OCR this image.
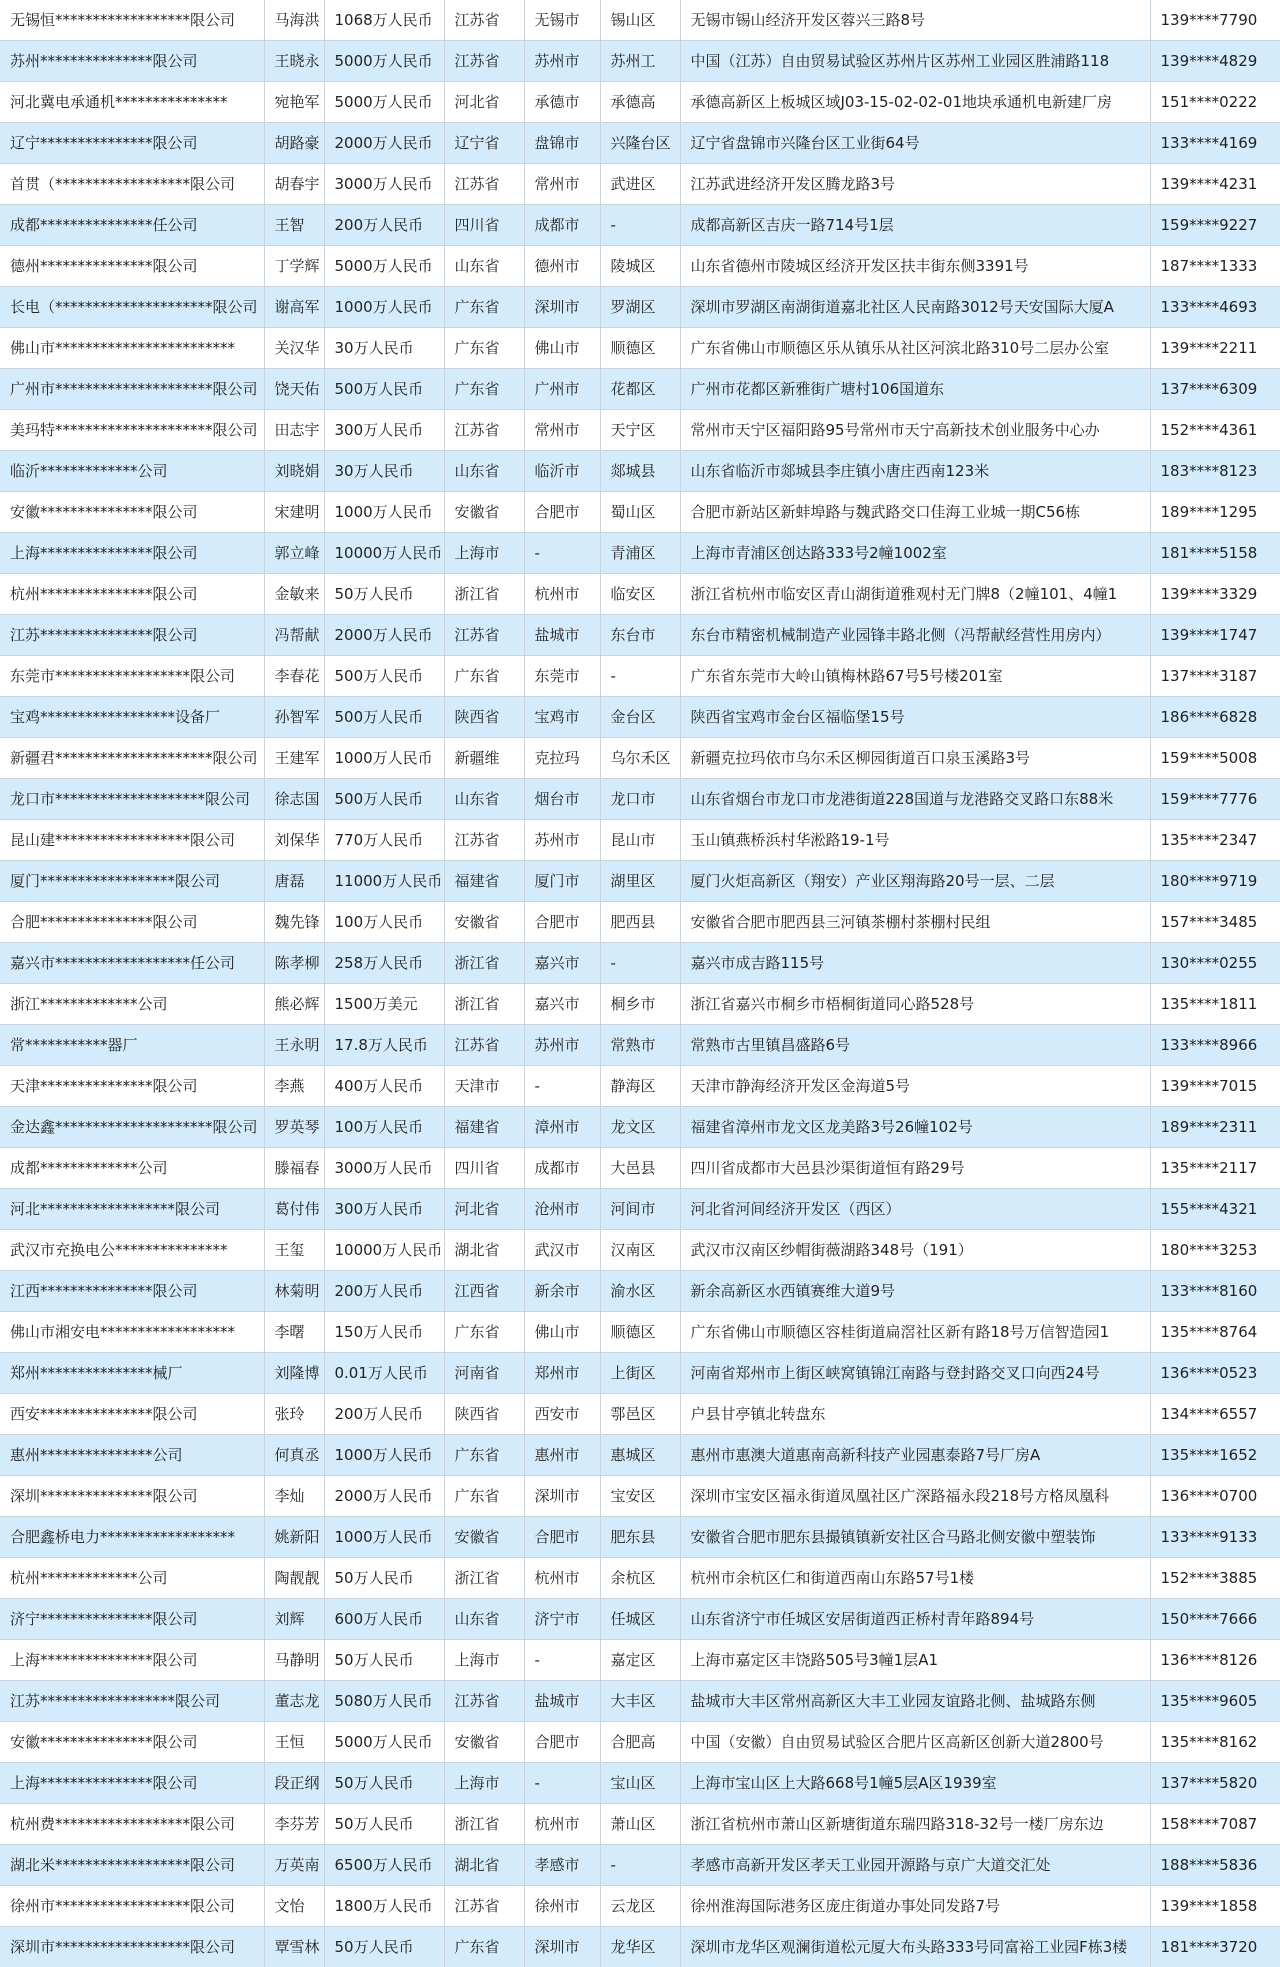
无锡恒******************限公司	马海洪	1068万人民币	江苏省	无锡市	锡山区	无锡市锡山经济开发区蓉兴三路8号	139****7790
苏州***************限公司	王晓永	5000万人民币	江苏省	苏州市	苏州工	中国（江苏）自由贸易试验区苏州片区苏州工业园区胜浦路118	139****4829
河北冀电承通机***************	宛艳军	5000万人民币	河北省	承德市	承德高	承德高新区上板城区域J03-15-02-02-01地块承通机电新建厂房	151****0222
辽宁***************限公司	胡路豪	2000万人民币	辽宁省	盘锦市	兴隆台区	辽宁省盘锦市兴隆台区工业街64号	133****4169
首贯（******************限公司	胡春宇	3000万人民币	江苏省	常州市	武进区	江苏武进经济开发区腾龙路3号	139****4231
成都***************任公司	王智	200万人民币	四川省	成都市	-	成都高新区吉庆一路714号1层	159****9227
德州***************限公司	丁学辉	5000万人民币	山东省	德州市	陵城区	山东省德州市陵城区经济开发区扶丰街东侧3391号	187****1333
长电（*********************限公司	谢高军	1000万人民币	广东省	深圳市	罗湖区	深圳市罗湖区南湖街道嘉北社区人民南路3012号天安国际大厦A	133****4693
佛山市************************	关汉华	30万人民币	广东省	佛山市	顺德区	广东省佛山市顺德区乐从镇乐从社区河滨北路310号二层办公室	139****2211
广州市*********************限公司	饶天佑	500万人民币	广东省	广州市	花都区	广州市花都区新雅街广塘村106国道东	137****6309
美玛特*********************限公司	田志宇	300万人民币	江苏省	常州市	天宁区	常州市天宁区福阳路95号常州市天宁高新技术创业服务中心办	152****4361
临沂*************公司	刘晓娟	30万人民币	山东省	临沂市	郯城县	山东省临沂市郯城县李庄镇小唐庄西南123米	183****8123
安徽***************限公司	宋建明	1000万人民币	安徽省	合肥市	蜀山区	合肥市新站区新蚌埠路与魏武路交口佳海工业城一期C56栋	189****1295
上海***************限公司	郭立峰	10000万人民币	上海市	-	青浦区	上海市青浦区创达路333号2幢1002室	181****5158
杭州***************限公司	金敏来	50万人民币	浙江省	杭州市	临安区	浙江省杭州市临安区青山湖街道雅观村无门牌8（2幢101、4幢1	139****3329
江苏***************限公司	冯帮献	2000万人民币	江苏省	盐城市	东台市	东台市精密机械制造产业园锋丰路北侧（冯帮献经营性用房内）	139****1747
东莞市******************限公司	李春花	500万人民币	广东省	东莞市	-	广东省东莞市大岭山镇梅林路67号5号楼201室	137****3187
宝鸡******************设备厂	孙智军	500万人民币	陕西省	宝鸡市	金台区	陕西省宝鸡市金台区福临堡15号	186****6828
新疆君*********************限公司	王建军	1000万人民币	新疆维	克拉玛	乌尔禾区	新疆克拉玛依市乌尔禾区柳园街道百口泉玉溪路3号	159****5008
龙口市********************限公司	徐志国	500万人民币	山东省	烟台市	龙口市	山东省烟台市龙口市龙港街道228国道与龙港路交叉路口东88米	159****7776
昆山建******************限公司	刘保华	770万人民币	江苏省	苏州市	昆山市	玉山镇燕桥浜村华淞路19-1号	135****2347
厦门******************限公司	唐磊	11000万人民币	福建省	厦门市	湖里区	厦门火炬高新区（翔安）产业区翔海路20号一层、二层	180****9719
合肥***************限公司	魏先锋	100万人民币	安徽省	合肥市	肥西县	安徽省合肥市肥西县三河镇茶棚村茶棚村民组	157****3485
嘉兴市******************任公司	陈孝柳	258万人民币	浙江省	嘉兴市	-	嘉兴市成吉路115号	130****0255
浙江*************公司	熊必辉	1500万美元	浙江省	嘉兴市	桐乡市	浙江省嘉兴市桐乡市梧桐街道同心路528号	135****1811
常***********器厂	王永明	17.8万人民币	江苏省	苏州市	常熟市	常熟市古里镇昌盛路6号	133****8966
天津***************限公司	李燕	400万人民币	天津市	-	静海区	天津市静海经济开发区金海道5号	139****7015
金达鑫*********************限公司	罗英琴	100万人民币	福建省	漳州市	龙文区	福建省漳州市龙文区龙美路3号26幢102号	189****2311
成都*************公司	滕福春	3000万人民币	四川省	成都市	大邑县	四川省成都市大邑县沙渠街道恒有路29号	135****2117
河北******************限公司	葛付伟	300万人民币	河北省	沧州市	河间市	河北省河间经济开发区（西区）	155****4321
武汉市充换电公***************	王玺	10000万人民币	湖北省	武汉市	汉南区	武汉市汉南区纱帽街薇湖路348号（191）	180****3253
江西***************限公司	林菊明	200万人民币	江西省	新余市	渝水区	新余高新区水西镇赛维大道9号	133****8160
佛山市湘安电******************	李曙	150万人民币	广东省	佛山市	顺德区	广东省佛山市顺德区容桂街道扁滘社区新有路18号万信智造园1	135****8764
郑州***************械厂	刘隆博	0.01万人民币	河南省	郑州市	上街区	河南省郑州市上街区峡窝镇锦江南路与登封路交叉口向西24号	136****0523
西安***************限公司	张玲	200万人民币	陕西省	西安市	鄠邑区	户县甘亭镇北转盘东	134****6557
惠州***************公司	何真丞	1000万人民币	广东省	惠州市	惠城区	惠州市惠澳大道惠南高新科技产业园惠泰路7号厂房A	135****1652
深圳***************限公司	李灿	2000万人民币	广东省	深圳市	宝安区	深圳市宝安区福永街道凤凰社区广深路福永段218号方格凤凰科	136****0700
合肥鑫桥电力******************	姚新阳	1000万人民币	安徽省	合肥市	肥东县	安徽省合肥市肥东县撮镇镇新安社区合马路北侧安徽中塑装饰	133****9133
杭州*************公司	陶靓靓	50万人民币	浙江省	杭州市	余杭区	杭州市余杭区仁和街道西南山东路57号1楼	152****3885
济宁***************限公司	刘辉	600万人民币	山东省	济宁市	任城区	山东省济宁市任城区安居街道西正桥村青年路894号	150****7666
上海***************限公司	马静明	50万人民币	上海市	-	嘉定区	上海市嘉定区丰饶路505号3幢1层A1	136****8126
江苏******************限公司	董志龙	5080万人民币	江苏省	盐城市	大丰区	盐城市大丰区常州高新区大丰工业园友谊路北侧、盐城路东侧	135****9605
安徽***************限公司	王恒	5000万人民币	安徽省	合肥市	合肥高	中国（安徽）自由贸易试验区合肥片区高新区创新大道2800号	135****8162
上海***************限公司	段正纲	50万人民币	上海市	-	宝山区	上海市宝山区上大路668号1幢5层A区1939室	137****5820
杭州费******************限公司	李芬芳	50万人民币	浙江省	杭州市	萧山区	浙江省杭州市萧山区新塘街道东瑞四路318-32号一楼厂房东边	158****7087
湖北米******************限公司	万英南	6500万人民币	湖北省	孝感市	-	孝感市高新开发区孝天工业园开源路与京广大道交汇处	188****5836
徐州市******************限公司	文怡	1800万人民币	江苏省	徐州市	云龙区	徐州淮海国际港务区庞庄街道办事处同发路7号	139****1858
深圳市******************限公司	覃雪林	50万人民币	广东省	深圳市	龙华区	深圳市龙华区观澜街道松元厦大布头路333号同富裕工业园F栋3楼	181****3720
